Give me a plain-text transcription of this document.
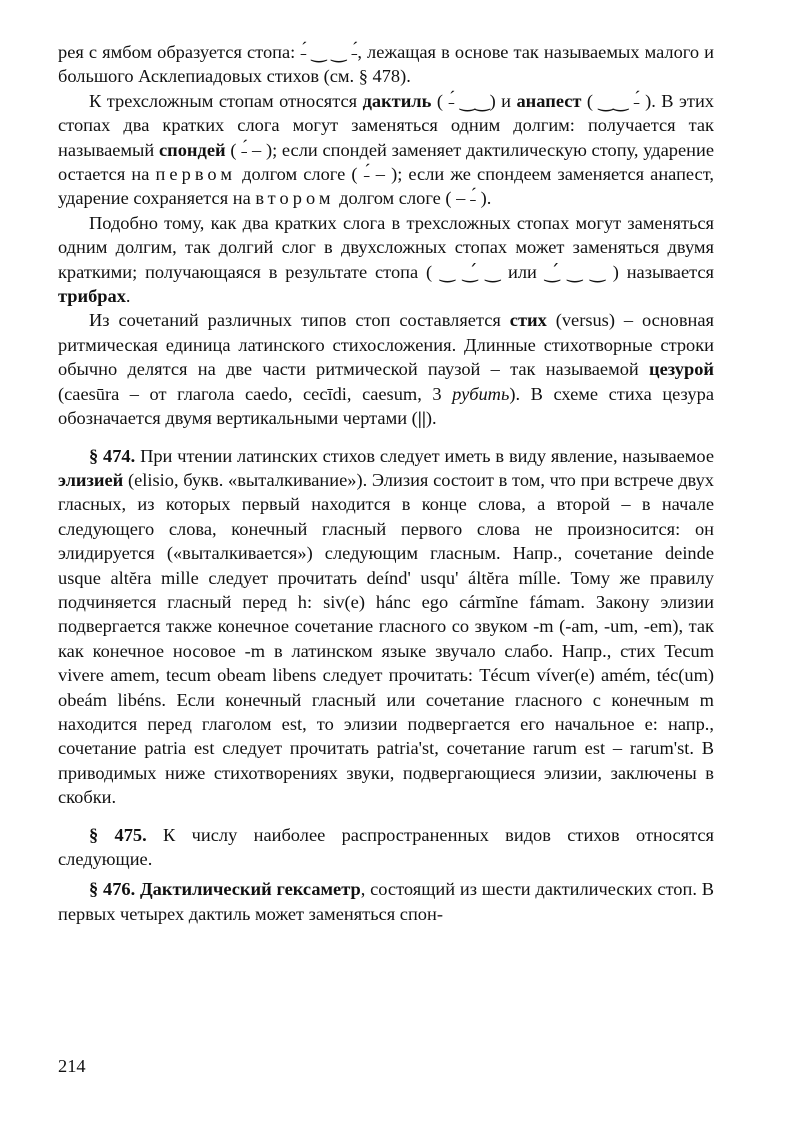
рея с ямбом образуется стопа: ˗́ ‿ ‿ ˗́, лежащая в основе так называемых малого и большого Асклепиадовых стихов (см. § 478).

К трехсложным стопам относятся дактиль ( ˗́ ‿‿) и анапест ( ‿‿ ˗́ ). В этих стопах два кратких слога могут заменяться одним долгим: получается так называемый спондей ( ˗́ – ); если спондей заменяет дактилическую стопу, ударение остается на первом долгом слоге ( ˗́ – ); если же спондеем заменяется анапест, ударение сохраняется на втором долгом слоге ( – ˗́ ).

Подобно тому, как два кратких слога в трехсложных стопах могут заменяться одним долгим, так долгий слог в двухсложных стопах может заменяться двумя краткими; получающаяся в результате стопа ( ‿ ‿́ ‿ или ‿́ ‿ ‿ ) называется трибрах.

Из сочетаний различных типов стоп составляется стих (versus) – основная ритмическая единица латинского стихосложения. Длинные стихотворные строки обычно делятся на две части ритмической паузой – так называемой цезурой (caesūra – от глагола caedo, cecīdi, caesum, 3 рубить). В схеме стиха цезура обозначается двумя вертикальными чертами (||).

§ 474. При чтении латинских стихов следует иметь в виду явление, называемое элизией (elisio, букв. «выталкивание»). Элизия состоит в том, что при встрече двух гласных, из которых первый находится в конце слова, а второй – в начале следующего слова, конечный гласный первого слова не произносится: он элидируется («выталкивается») следующим гласным. Напр., сочетание deinde usque altĕra mille следует прочитать deínd' usqu' áltĕra míllе. Тому же правилу подчиняется гласный перед h: siv(e) hánc ego cármĭne fámam. Закону элизии подвергается также конечное сочетание гласного со звуком -m (-am, -um, -em), так как конечное носовое -m в латинском языке звучало слабо. Напр., стих Tecum vivere amem, tecum obeam libens следует прочитать: Técum víver(e) amém, téc(um) obeám libéns. Если конечный гласный или сочетание гласного с конечным m находится перед глаголом est, то элизии подвергается его начальное е: напр., сочетание patria est следует прочитать patria'st, сочетание rarum est – rarum'st. В приводимых ниже стихотворениях звуки, подвергающиеся элизии, заключены в скобки.

§ 475. К числу наиболее распространенных видов стихов относятся следующие.

§ 476. Дактилический гексаметр, состоящий из шести дактилических стоп. В первых четырех дактиль может заменяться спон-

214
